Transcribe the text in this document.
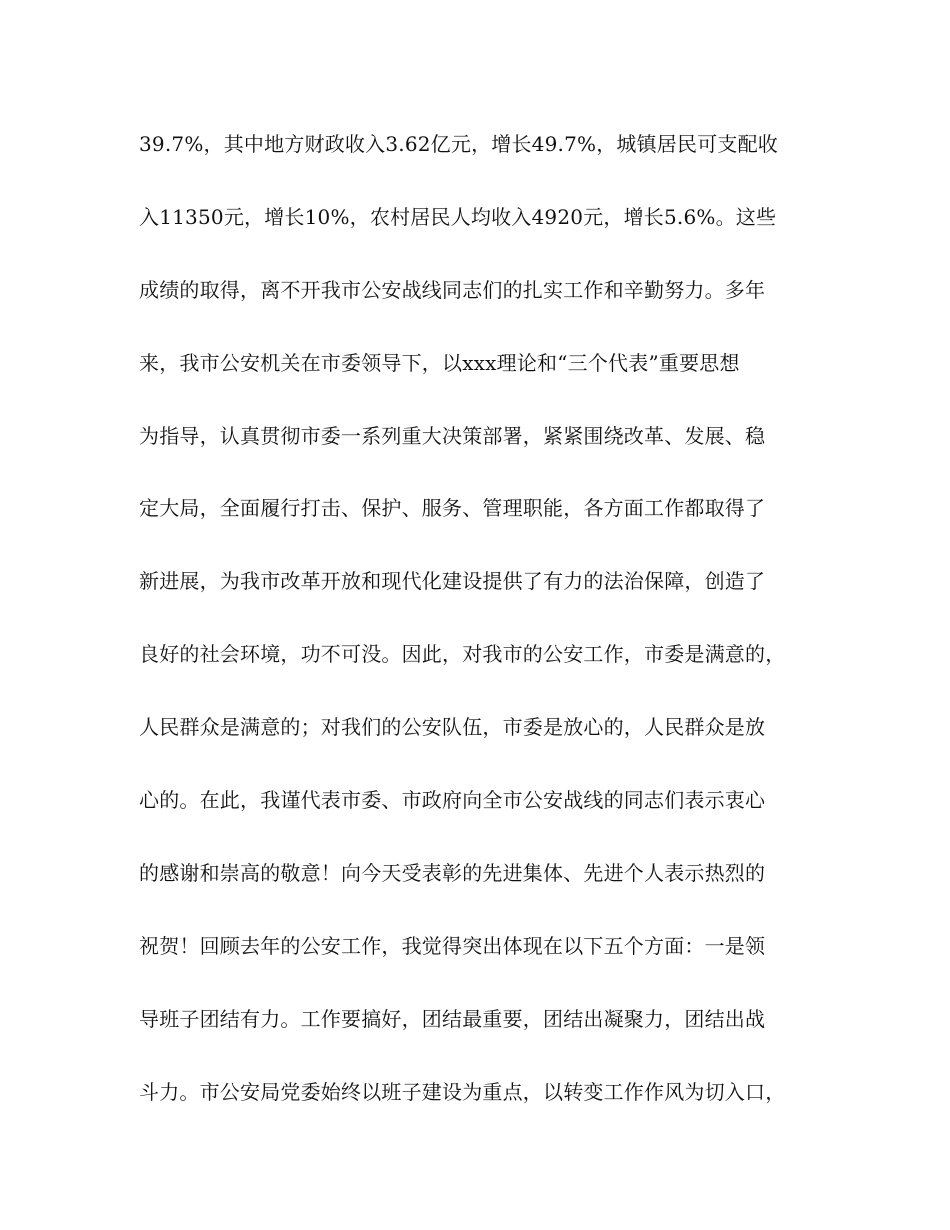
39.7%，其中地方财政收入3.62亿元，增长49.7%，城镇居民可支配收
入11350元，增长10%，农村居民人均收入4920元，增长5.6%。这些
成绩的取得，离不开我市公安战线同志们的扎实工作和辛勤努力。多年
来，我市公安机关在市委领导下，以xxx理论和“三个代表”重要思想
为指导，认真贯彻市委一系列重大决策部署，紧紧围绕改革、发展、稳
定大局，全面履行打击、保护、服务、管理职能，各方面工作都取得了
新进展，为我市改革开放和现代化建设提供了有力的法治保障，创造了
良好的社会环境，功不可没。因此，对我市的公安工作，市委是满意的，
人民群众是满意的；对我们的公安队伍，市委是放心的，人民群众是放
心的。在此，我谨代表市委、市政府向全市公安战线的同志们表示衷心
的感谢和崇高的敬意！向今天受表彰的先进集体、先进个人表示热烈的
祝贺！回顾去年的公安工作，我觉得突出体现在以下五个方面：一是领
导班子团结有力。工作要搞好，团结最重要，团结出凝聚力，团结出战
斗力。市公安局党委始终以班子建设为重点，以转变工作作风为切入口，
